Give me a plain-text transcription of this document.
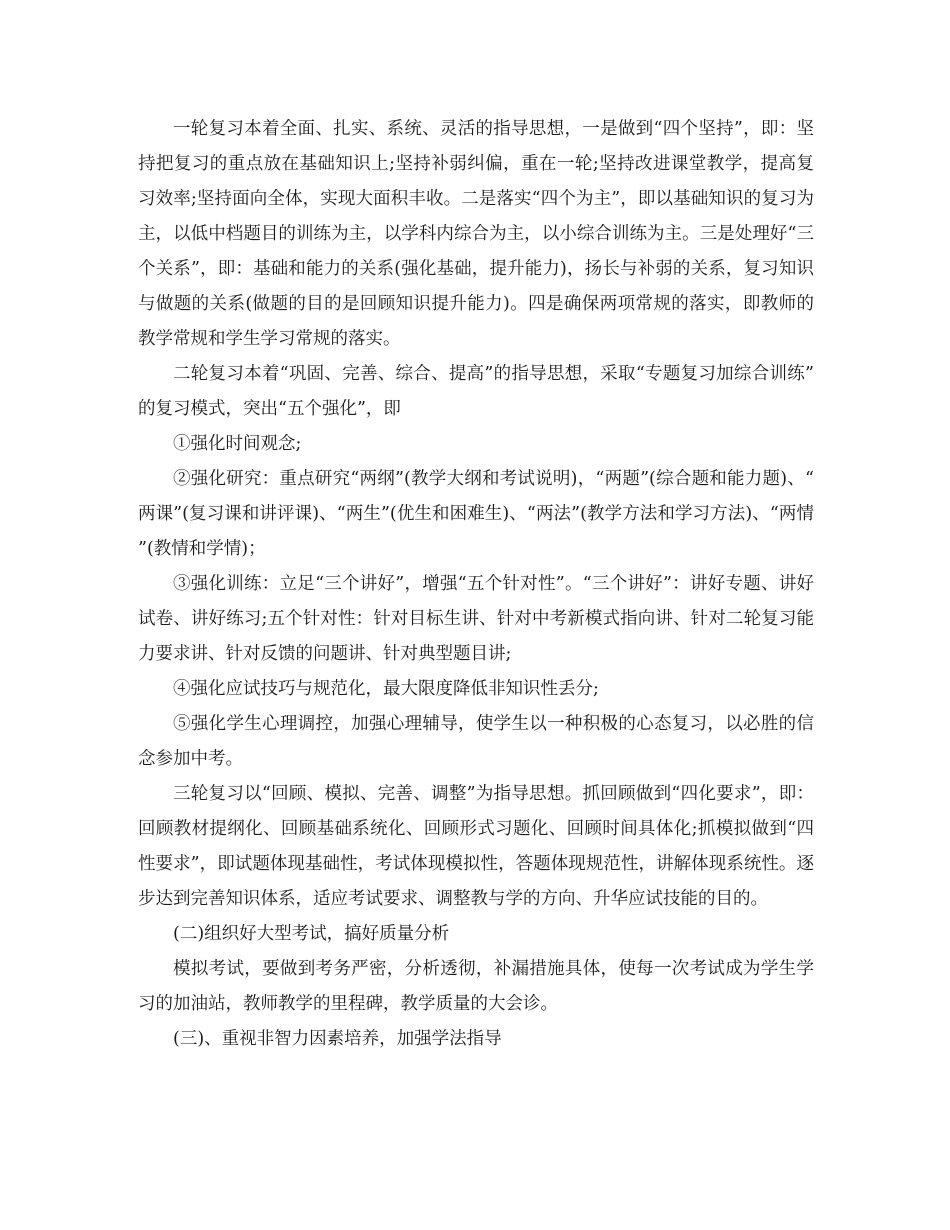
一轮复习本着全面、扎实、系统、灵活的指导思想，一是做到“四个坚持”，即：坚持把复习的重点放在基础知识上;坚持补弱纠偏，重在一轮;坚持改进课堂教学，提高复习效率;坚持面向全体，实现大面积丰收。二是落实“四个为主”，即以基础知识的复习为主，以低中档题目的训练为主，以学科内综合为主，以小综合训练为主。三是处理好“三个关系”，即：基础和能力的关系(强化基础，提升能力)，扬长与补弱的关系，复习知识与做题的关系(做题的目的是回顾知识提升能力)。四是确保两项常规的落实，即教师的教学常规和学生学习常规的落实。

二轮复习本着“巩固、完善、综合、提高”的指导思想，采取“专题复习加综合训练”的复习模式，突出“五个强化”，即

①强化时间观念;

②强化研究：重点研究“两纲”(教学大纲和考试说明)，“两题”(综合题和能力题)、“两课”(复习课和讲评课)、“两生”(优生和困难生)、“两法”(教学方法和学习方法)、“两情”(教情和学情)；

③强化训练：立足“三个讲好”，增强“五个针对性”。“三个讲好”：讲好专题、讲好试卷、讲好练习;五个针对性：针对目标生讲、针对中考新模式指向讲、针对二轮复习能力要求讲、针对反馈的问题讲、针对典型题目讲;

④强化应试技巧与规范化，最大限度降低非知识性丢分;

⑤强化学生心理调控，加强心理辅导，使学生以一种积极的心态复习，以必胜的信念参加中考。

三轮复习以“回顾、模拟、完善、调整”为指导思想。抓回顾做到“四化要求”，即：回顾教材提纲化、回顾基础系统化、回顾形式习题化、回顾时间具体化;抓模拟做到“四性要求”，即试题体现基础性，考试体现模拟性，答题体现规范性，讲解体现系统性。逐步达到完善知识体系，适应考试要求、调整教与学的方向、升华应试技能的目的。

(二)组织好大型考试，搞好质量分析

模拟考试，要做到考务严密，分析透彻，补漏措施具体，使每一次考试成为学生学习的加油站，教师教学的里程碑，教学质量的大会诊。

(三)、重视非智力因素培养，加强学法指导
